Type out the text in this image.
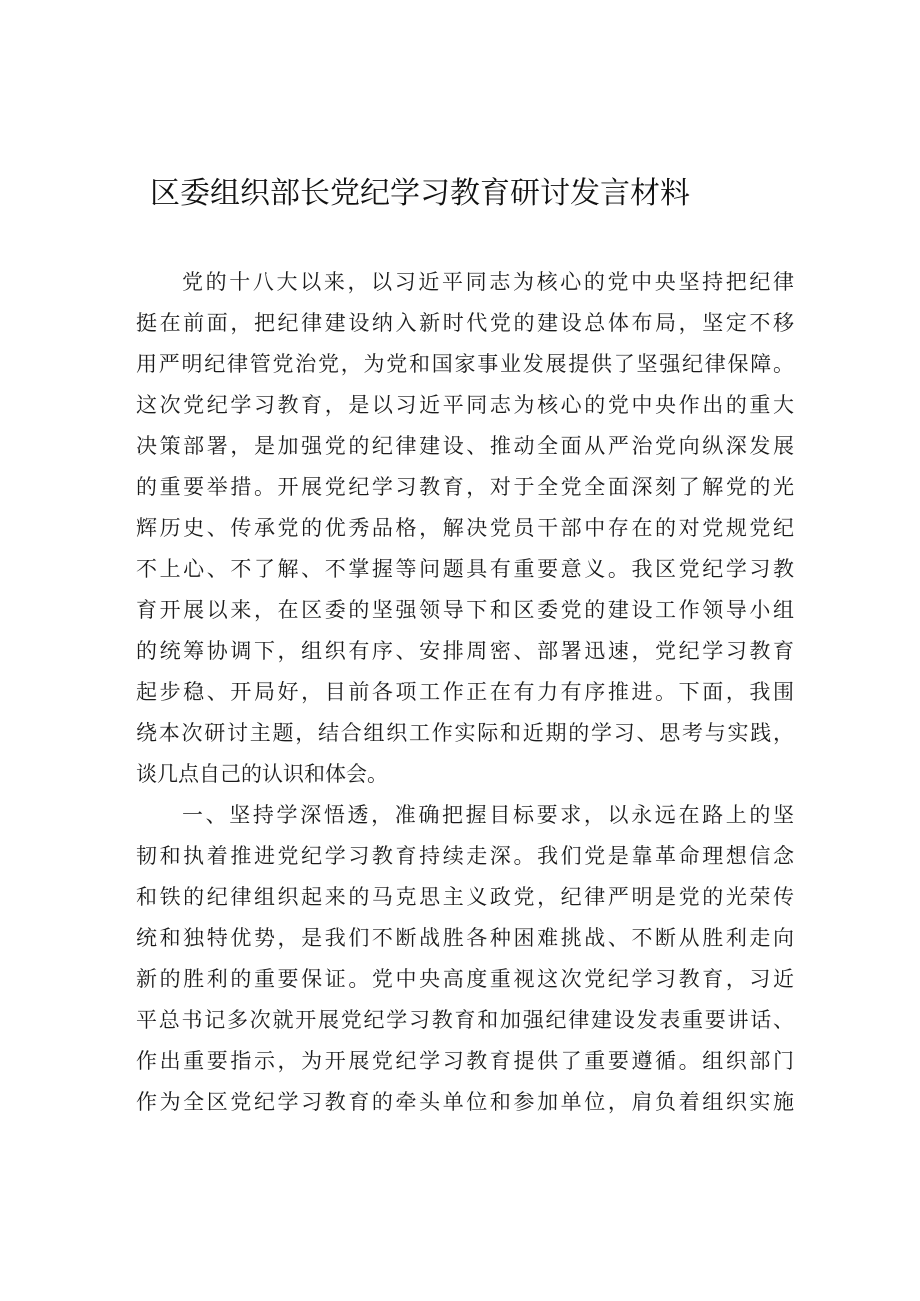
区委组织部长党纪学习教育研讨发言材料

党的十八大以来，以习近平同志为核心的党中央坚持把纪律
挺在前面，把纪律建设纳入新时代党的建设总体布局，坚定不移
用严明纪律管党治党，为党和国家事业发展提供了坚强纪律保障。
这次党纪学习教育，是以习近平同志为核心的党中央作出的重大
决策部署，是加强党的纪律建设、推动全面从严治党向纵深发展
的重要举措。开展党纪学习教育，对于全党全面深刻了解党的光
辉历史、传承党的优秀品格，解决党员干部中存在的对党规党纪
不上心、不了解、不掌握等问题具有重要意义。我区党纪学习教
育开展以来，在区委的坚强领导下和区委党的建设工作领导小组
的统筹协调下，组织有序、安排周密、部署迅速，党纪学习教育
起步稳、开局好，目前各项工作正在有力有序推进。下面，我围
绕本次研讨主题，结合组织工作实际和近期的学习、思考与实践，
谈几点自己的认识和体会。

一、坚持学深悟透，准确把握目标要求，以永远在路上的坚
韧和执着推进党纪学习教育持续走深。我们党是靠革命理想信念
和铁的纪律组织起来的马克思主义政党，纪律严明是党的光荣传
统和独特优势，是我们不断战胜各种困难挑战、不断从胜利走向
新的胜利的重要保证。党中央高度重视这次党纪学习教育，习近
平总书记多次就开展党纪学习教育和加强纪律建设发表重要讲话、
作出重要指示，为开展党纪学习教育提供了重要遵循。组织部门
作为全区党纪学习教育的牵头单位和参加单位，肩负着组织实施
